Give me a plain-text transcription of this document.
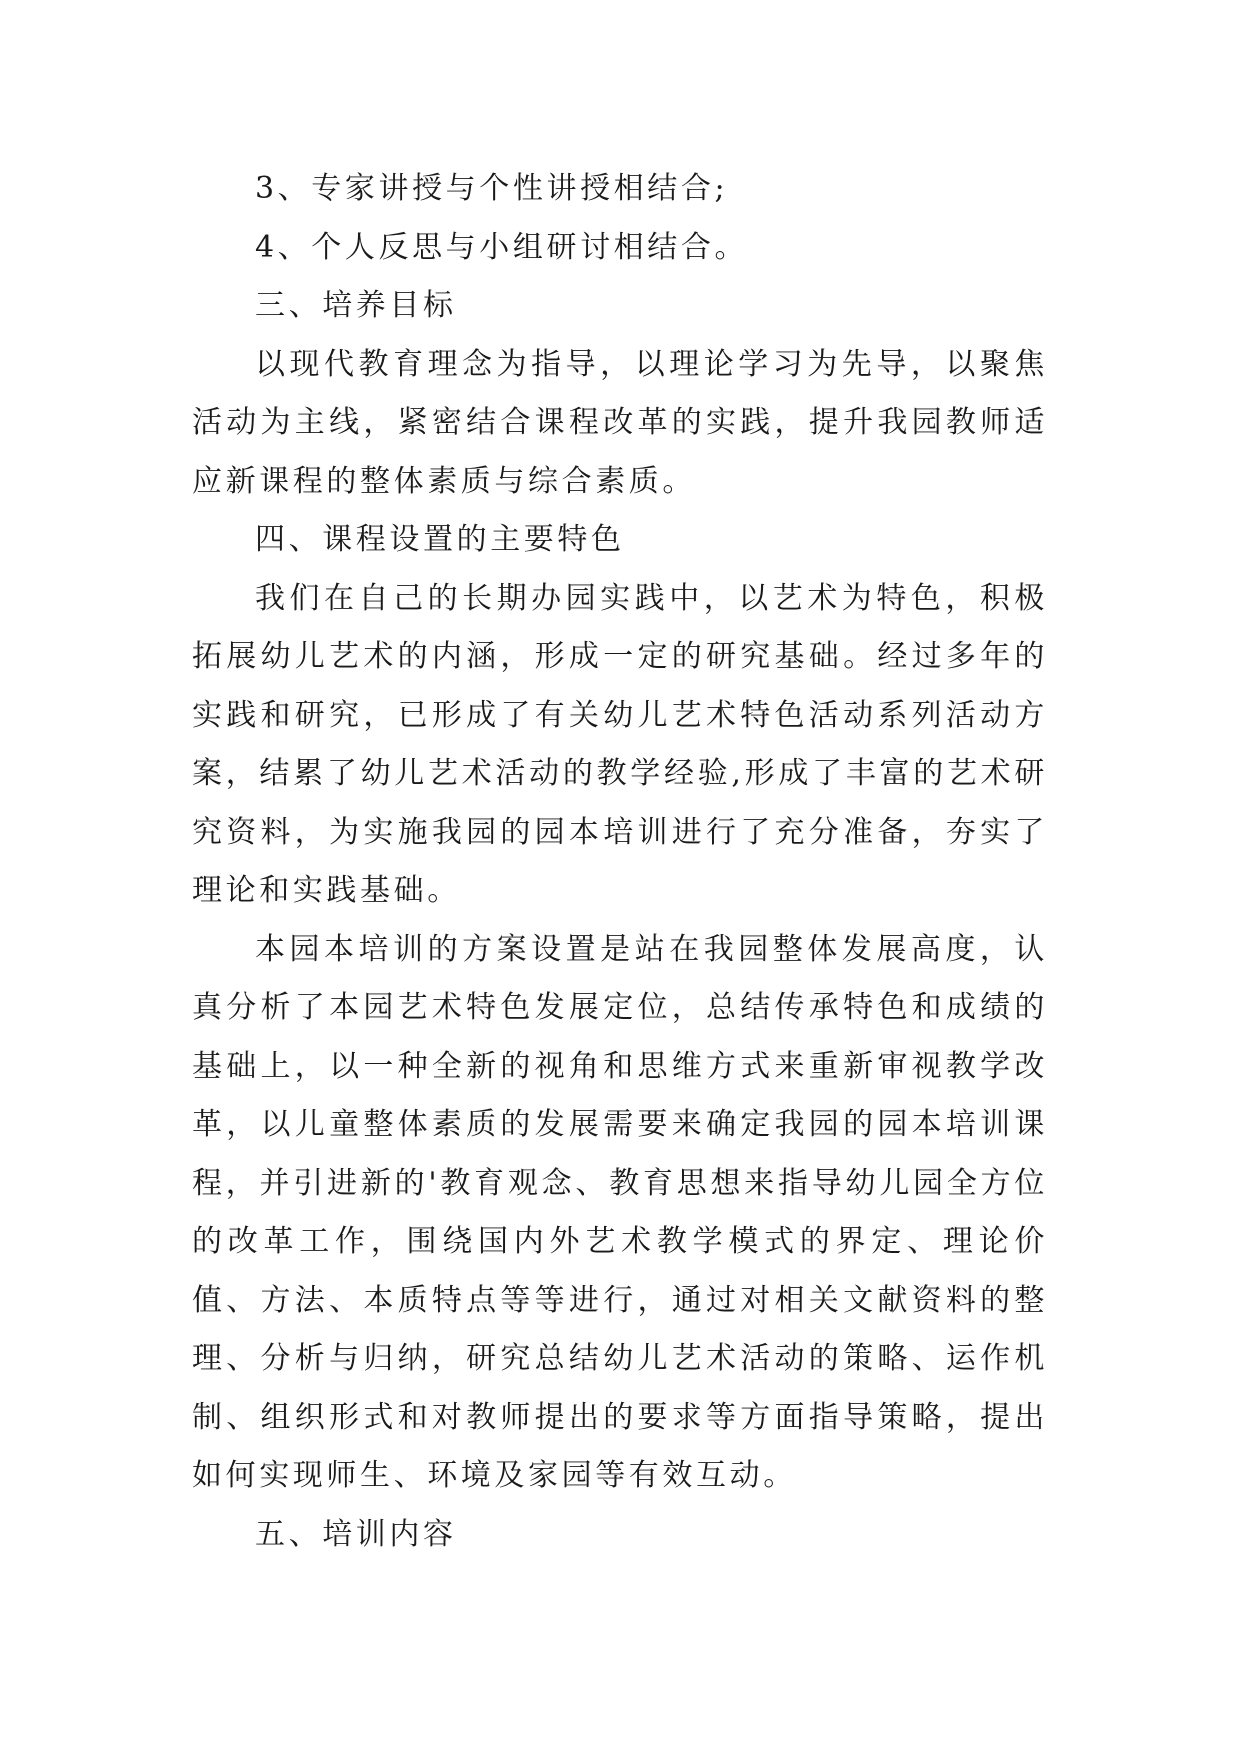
3、专家讲授与个性讲授相结合;

4、个人反思与小组研讨相结合。

三、培养目标

以现代教育理念为指导，以理论学习为先导，以聚焦活动为主线，紧密结合课程改革的实践，提升我园教师适应新课程的整体素质与综合素质。

四、课程设置的主要特色

我们在自己的长期办园实践中，以艺术为特色，积极拓展幼儿艺术的内涵，形成一定的研究基础。经过多年的实践和研究，已形成了有关幼儿艺术特色活动系列活动方案，结累了幼儿艺术活动的教学经验,形成了丰富的艺术研究资料，为实施我园的园本培训进行了充分准备，夯实了理论和实践基础。

本园本培训的方案设置是站在我园整体发展高度，认真分析了本园艺术特色发展定位，总结传承特色和成绩的基础上，以一种全新的视角和思维方式来重新审视教学改革，以儿童整体素质的发展需要来确定我园的园本培训课程，并引进新的'教育观念、教育思想来指导幼儿园全方位的改革工作，围绕国内外艺术教学模式的界定、理论价值、方法、本质特点等等进行，通过对相关文献资料的整理、分析与归纳，研究总结幼儿艺术活动的策略、运作机制、组织形式和对教师提出的要求等方面指导策略，提出如何实现师生、环境及家园等有效互动。

五、培训内容
